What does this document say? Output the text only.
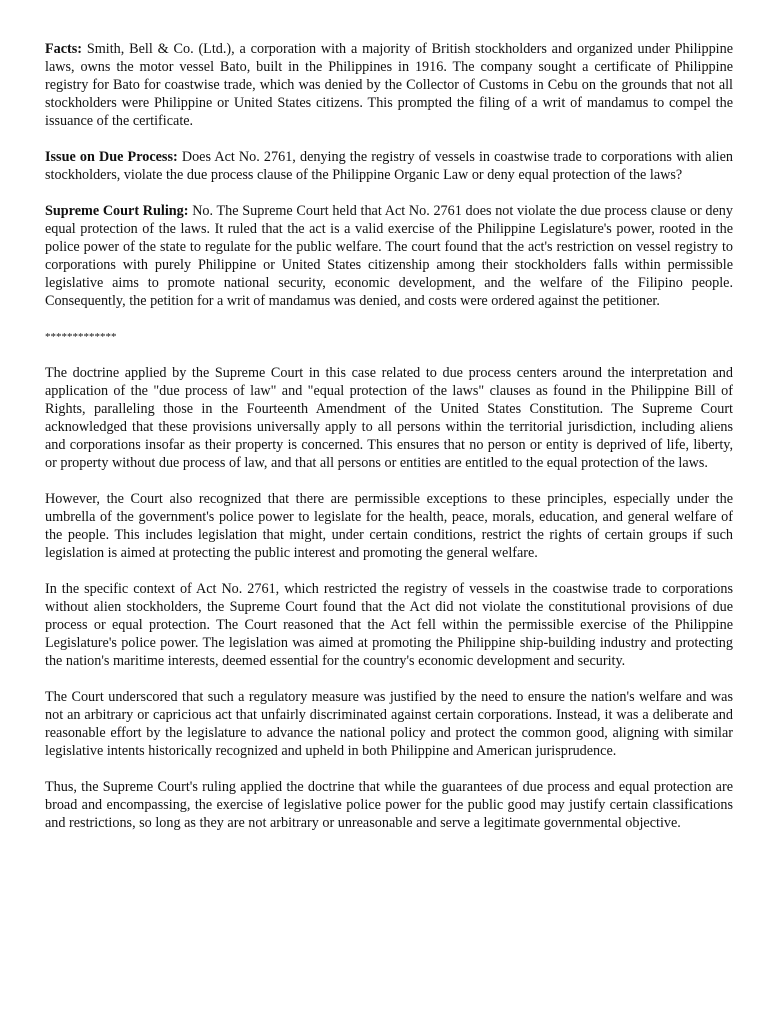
Facts: Smith, Bell & Co. (Ltd.), a corporation with a majority of British stockholders and organized under Philippine laws, owns the motor vessel Bato, built in the Philippines in 1916. The company sought a certificate of Philippine registry for Bato for coastwise trade, which was denied by the Collector of Customs in Cebu on the grounds that not all stockholders were Philippine or United States citizens. This prompted the filing of a writ of mandamus to compel the issuance of the certificate.

Issue on Due Process: Does Act No. 2761, denying the registry of vessels in coastwise trade to corporations with alien stockholders, violate the due process clause of the Philippine Organic Law or deny equal protection of the laws?

Supreme Court Ruling: No. The Supreme Court held that Act No. 2761 does not violate the due process clause or deny equal protection of the laws. It ruled that the act is a valid exercise of the Philippine Legislature's power, rooted in the police power of the state to regulate for the public welfare. The court found that the act's restriction on vessel registry to corporations with purely Philippine or United States citizenship among their stockholders falls within permissible legislative aims to promote national security, economic development, and the welfare of the Filipino people. Consequently, the petition for a writ of mandamus was denied, and costs were ordered against the petitioner.

*************

The doctrine applied by the Supreme Court in this case related to due process centers around the interpretation and application of the "due process of law" and "equal protection of the laws" clauses as found in the Philippine Bill of Rights, paralleling those in the Fourteenth Amendment of the United States Constitution. The Supreme Court acknowledged that these provisions universally apply to all persons within the territorial jurisdiction, including aliens and corporations insofar as their property is concerned. This ensures that no person or entity is deprived of life, liberty, or property without due process of law, and that all persons or entities are entitled to the equal protection of the laws.

However, the Court also recognized that there are permissible exceptions to these principles, especially under the umbrella of the government's police power to legislate for the health, peace, morals, education, and general welfare of the people. This includes legislation that might, under certain conditions, restrict the rights of certain groups if such legislation is aimed at protecting the public interest and promoting the general welfare.

In the specific context of Act No. 2761, which restricted the registry of vessels in the coastwise trade to corporations without alien stockholders, the Supreme Court found that the Act did not violate the constitutional provisions of due process or equal protection. The Court reasoned that the Act fell within the permissible exercise of the Philippine Legislature's police power. The legislation was aimed at promoting the Philippine ship-building industry and protecting the nation's maritime interests, deemed essential for the country's economic development and security.

The Court underscored that such a regulatory measure was justified by the need to ensure the nation's welfare and was not an arbitrary or capricious act that unfairly discriminated against certain corporations. Instead, it was a deliberate and reasonable effort by the legislature to advance the national policy and protect the common good, aligning with similar legislative intents historically recognized and upheld in both Philippine and American jurisprudence.

Thus, the Supreme Court's ruling applied the doctrine that while the guarantees of due process and equal protection are broad and encompassing, the exercise of legislative police power for the public good may justify certain classifications and restrictions, so long as they are not arbitrary or unreasonable and serve a legitimate governmental objective.
